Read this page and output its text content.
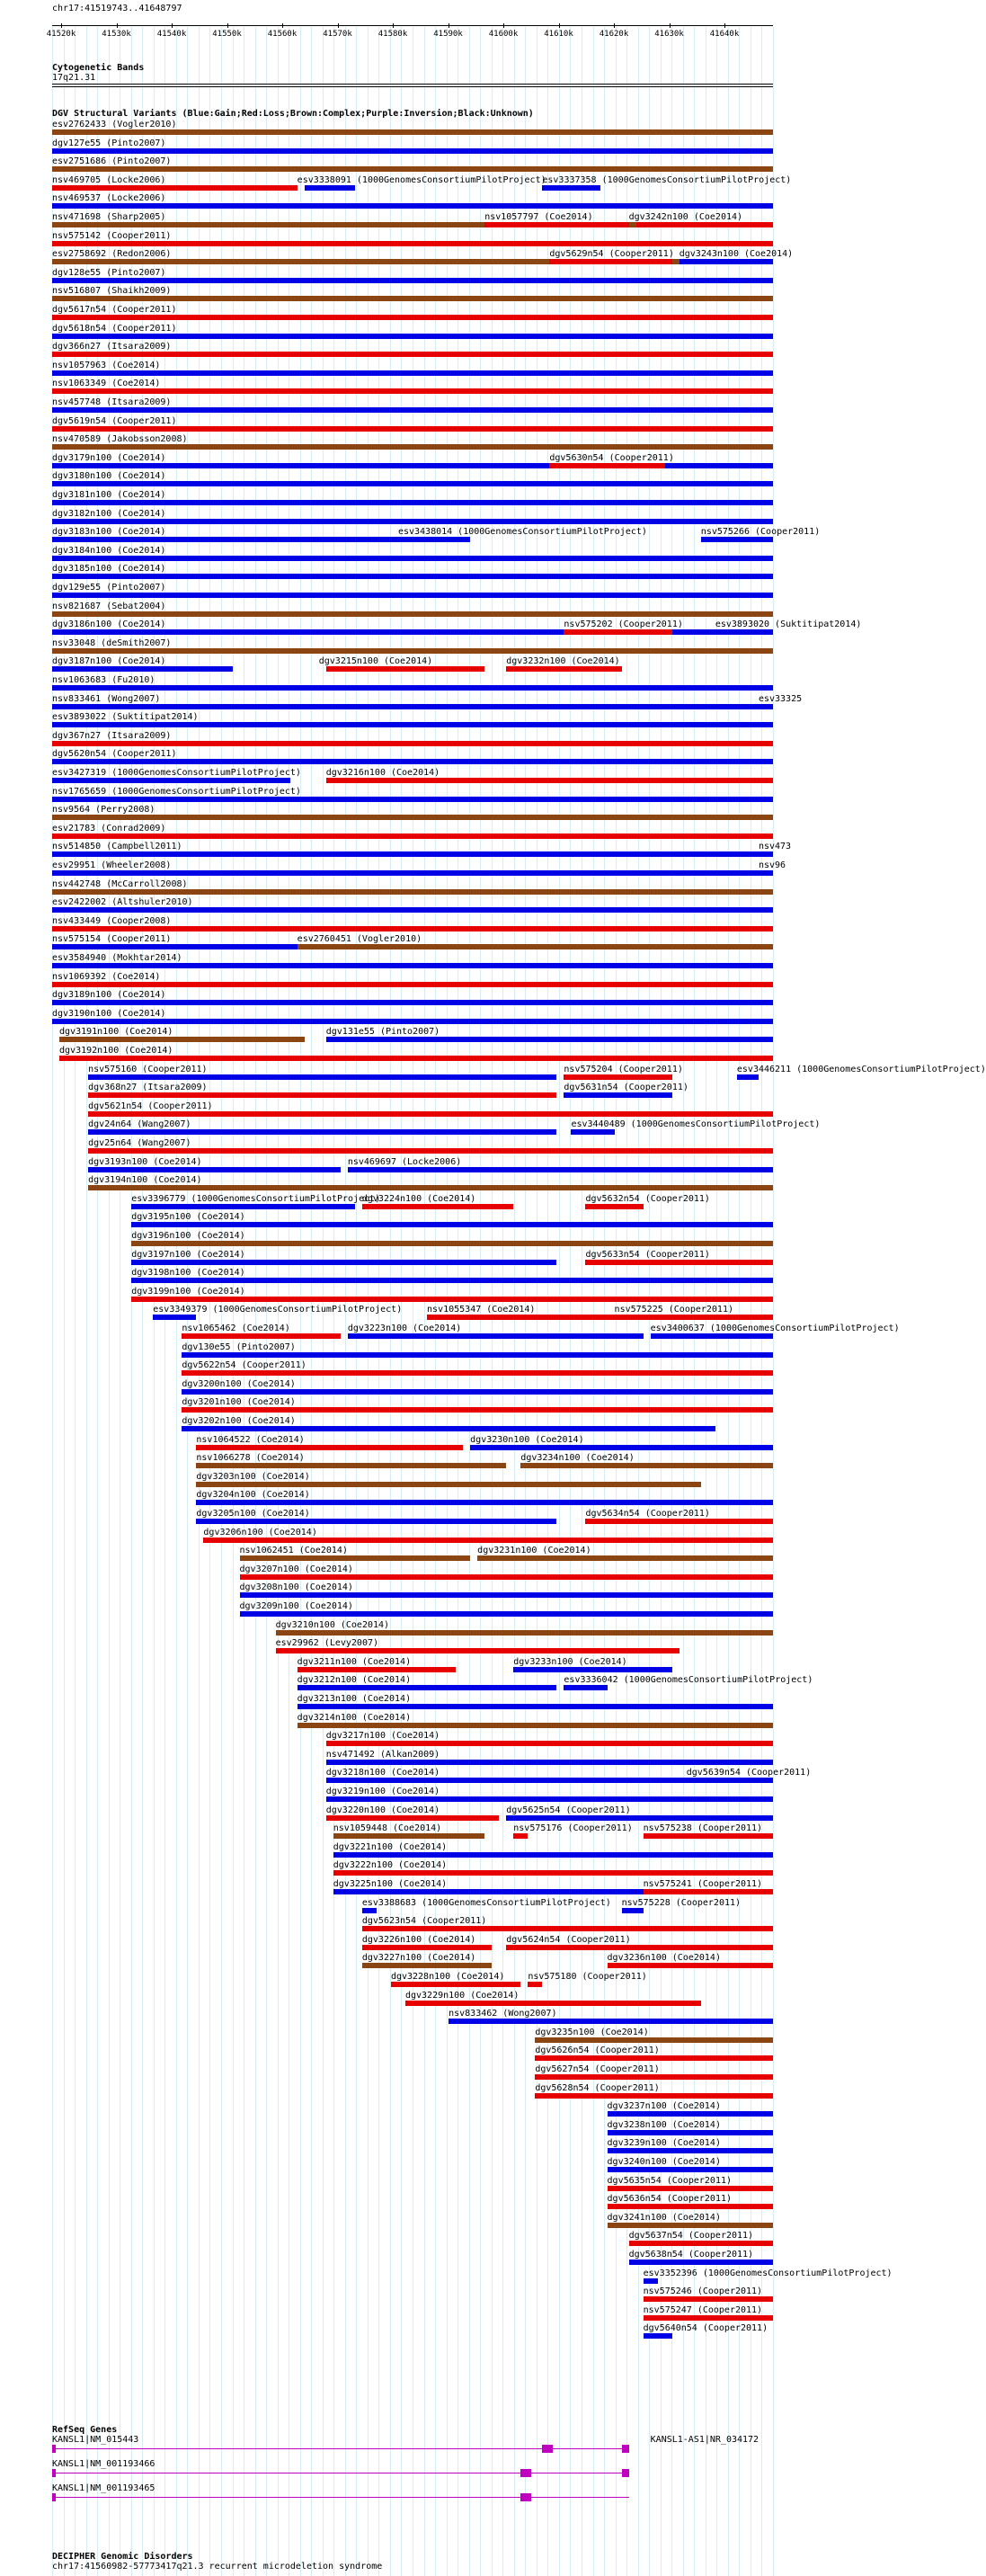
chr17:41519743..41648797
41520k	41530k	41540k	41550k	41560k	41570k	41580k	41590k	41600k	41610k	41620k	41630k	41640k
Cytogenetic Bands
17q21.31
DGV Structural Variants (Blue:Gain;Red:Loss;Brown:Complex;Purple:Inversion;Black:Unknown)
esv2762433 (Vogler2010)
dgv127e55 (Pinto2007)
esv2751686 (Pinto2007)
nsv469705 (Locke2006)	esv3338091 (1000GenomesConsortiumPilotProject)
esv3337358 (1000GenomesConsortiumPilotProject)
nsv469537 (Locke2006)
nsv471698 (Sharp2005)	nsv1057797 (Coe2014)	dgv3242n100 (Coe2014)
nsv575142 (Cooper2011)
esv2758692 (Redon2006)	dgv5629n54 (Cooper2011) dgv3243n100 (Coe2014)
dgv128e55 (Pinto2007)
nsv516807 (Shaikh2009)
dgv5617n54 (Cooper2011)
dgv5618n54 (Cooper2011)
dgv366n27 (Itsara2009)
nsv1057963 (Coe2014)
nsv1063349 (Coe2014)
nsv457748 (Itsara2009)
dgv5619n54 (Cooper2011)
nsv470589 (Jakobsson2008)
dgv3179n100 (Coe2014)	dgv5630n54 (Cooper2011)
dgv3180n100 (Coe2014)
dgv3181n100 (Coe2014)
dgv3182n100 (Coe2014)
dgv3183n100 (Coe2014)	esv3438014 (1000GenomesConsortiumPilotProject)	nsv575266 (Cooper2011)
dgv3184n100 (Coe2014)
dgv3185n100 (Coe2014)
dgv129e55 (Pinto2007)
nsv821687 (Sebat2004)
dgv3186n100 (Coe2014)	nsv575202 (Cooper2011)	esv3893020 (Suktitipat2014)
nsv33048 (deSmith2007)
dgv3187n100 (Coe2014)	dgv3215n100 (Coe2014)	dgv3232n100 (Coe2014)
nsv1063683 (Fu2010)
nsv833461 (Wong2007)	esv33325
esv3893022 (Suktitipat2014)
dgv367n27 (Itsara2009)
dgv5620n54 (Cooper2011)
esv3427319 (1000GenomesConsortiumPilotProject)	dgv3216n100 (Coe2014)
nsv1765659 (1000GenomesConsortiumPilotProject)
nsv9564 (Perry2008)
esv21783 (Conrad2009)
nsv514850 (Campbell2011)	nsv473
esv29951 (Wheeler2008)	nsv96
nsv442748 (McCarroll2008)
esv2422002 (Altshuler2010)
nsv433449 (Cooper2008)
nsv575154 (Cooper2011)	esv2760451 (Vogler2010)
esv3584940 (Mokhtar2014)
nsv1069392 (Coe2014)
dgv3189n100 (Coe2014)
dgv3190n100 (Coe2014)
dgv3191n100 (Coe2014)	dgv131e55 (Pinto2007)
dgv3192n100 (Coe2014)
nsv575160 (Cooper2011)	nsv575204 (Cooper2011)	esv3446211 (1000GenomesConsortiumPilotProject)
dgv368n27 (Itsara2009)	dgv5631n54 (Cooper2011)
dgv5621n54 (Cooper2011)
dgv24n64 (Wang2007)	esv3440489 (1000GenomesConsortiumPilotProject)
dgv25n64 (Wang2007)
dgv3193n100 (Coe2014)	nsv469697 (Locke2006)
dgv3194n100 (Coe2014)
esv3396779 (1000GenomesConsortiumPilotProject)
dgv3224n100 (Coe2014)	dgv5632n54 (Cooper2011)
dgv3195n100 (Coe2014)
dgv3196n100 (Coe2014)
dgv3197n100 (Coe2014)	dgv5633n54 (Cooper2011)
dgv3198n100 (Coe2014)
dgv3199n100 (Coe2014)
esv3349379 (1000GenomesConsortiumPilotProject)	nsv1055347 (Coe2014)	nsv575225 (Cooper2011)
nsv1065462 (Coe2014)	dgv3223n100 (Coe2014)	esv3400637 (1000GenomesConsortiumPilotProject)
dgv130e55 (Pinto2007)
dgv5622n54 (Cooper2011)
dgv3200n100 (Coe2014)
dgv3201n100 (Coe2014)
dgv3202n100 (Coe2014)
nsv1064522 (Coe2014)	dgv3230n100 (Coe2014)
nsv1066278 (Coe2014)	dgv3234n100 (Coe2014)
dgv3203n100 (Coe2014)
dgv3204n100 (Coe2014)
dgv3205n100 (Coe2014)	dgv5634n54 (Cooper2011)
dgv3206n100 (Coe2014)
nsv1062451 (Coe2014)	dgv3231n100 (Coe2014)
dgv3207n100 (Coe2014)
dgv3208n100 (Coe2014)
dgv3209n100 (Coe2014)
dgv3210n100 (Coe2014)
esv29962 (Levy2007)
dgv3211n100 (Coe2014)	dgv3233n100 (Coe2014)
dgv3212n100 (Coe2014)	esv3336042 (1000GenomesConsortiumPilotProject)
dgv3213n100 (Coe2014)
dgv3214n100 (Coe2014)
dgv3217n100 (Coe2014)
nsv471492 (Alkan2009)
dgv3218n100 (Coe2014)	dgv5639n54 (Cooper2011)
dgv3219n100 (Coe2014)
dgv3220n100 (Coe2014)	dgv5625n54 (Cooper2011)
nsv1059448 (Coe2014)	nsv575176 (Cooper2011) nsv575238 (Cooper2011)
dgv3221n100 (Coe2014)
dgv3222n100 (Coe2014)
dgv3225n100 (Coe2014)	nsv575241 (Cooper2011)
esv3388683 (1000GenomesConsortiumPilotProject) nsv575228 (Cooper2011)
dgv5623n54 (Cooper2011)
dgv3226n100 (Coe2014)	dgv5624n54 (Cooper2011)
dgv3227n100 (Coe2014)	dgv3236n100 (Coe2014)
dgv3228n100 (Coe2014)	nsv575180 (Cooper2011)
dgv3229n100 (Coe2014)
nsv833462 (Wong2007)
dgv3235n100 (Coe2014)
dgv5626n54 (Cooper2011)
dgv5627n54 (Cooper2011)
dgv5628n54 (Cooper2011)
dgv3237n100 (Coe2014)
dgv3238n100 (Coe2014)
dgv3239n100 (Coe2014)
dgv3240n100 (Coe2014)
dgv5635n54 (Cooper2011)
dgv5636n54 (Cooper2011)
dgv3241n100 (Coe2014)
dgv5637n54 (Cooper2011)
dgv5638n54 (Cooper2011)
esv3352396 (1000GenomesConsortiumPilotProject)
nsv575246 (Cooper2011)
nsv575247 (Cooper2011)
dgv5640n54 (Cooper2011)
RefSeq Genes
KANSL1|NM_015443	KANSL1-AS1|NR_034172
KANSL1|NM_001193466
KANSL1|NM_001193465
DECIPHER Genomic Disorders
chr17:41560982-57773417q21.3 recurrent microdeletion syndrome
